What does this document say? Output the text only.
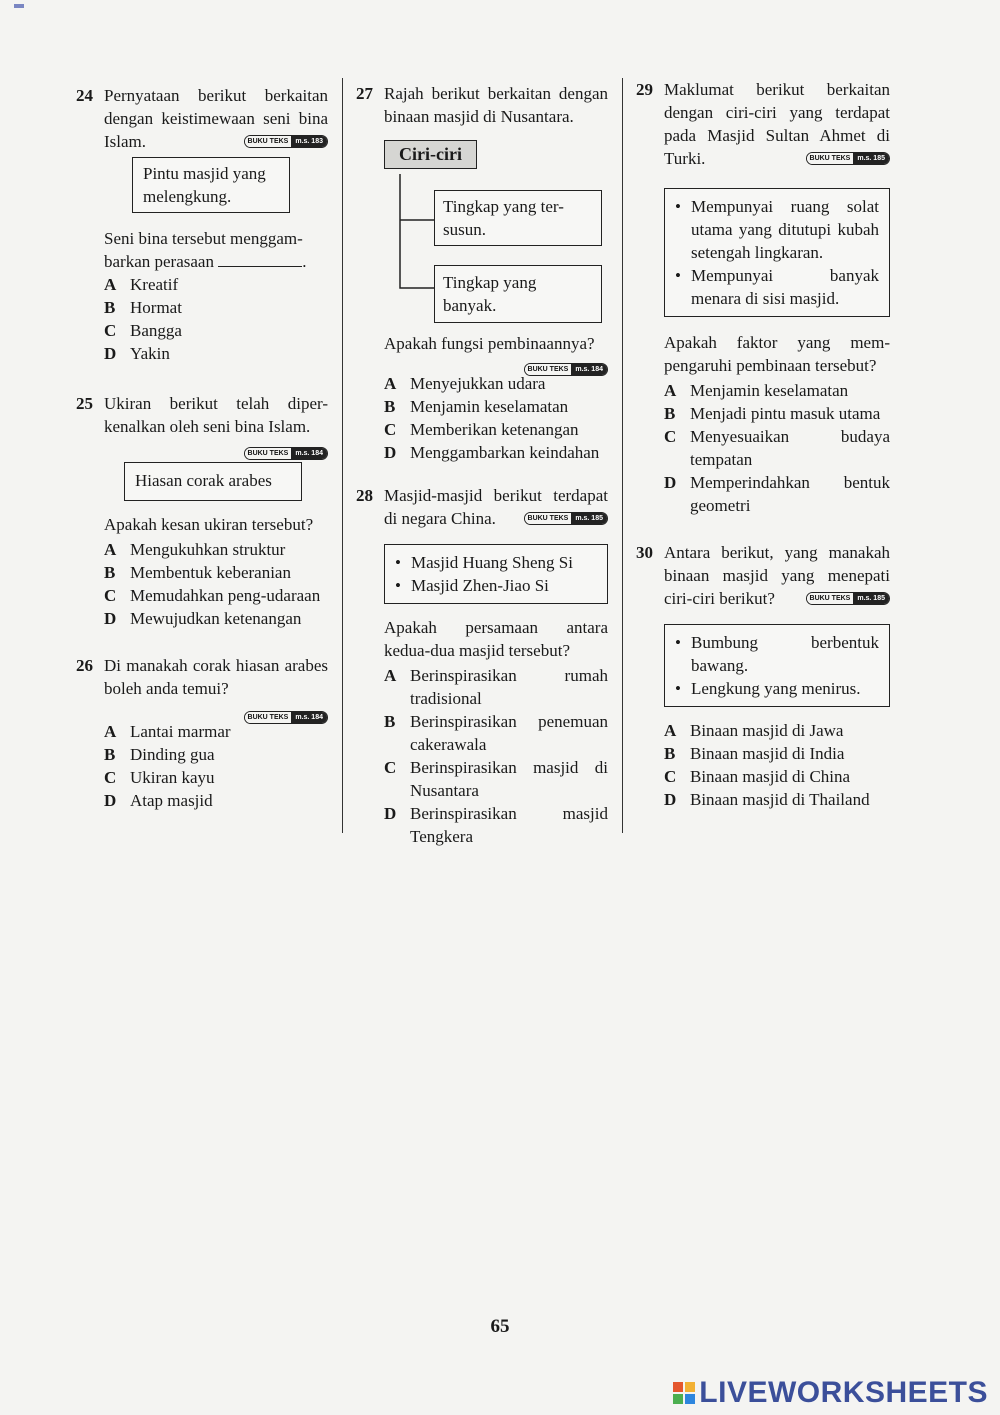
24 Pernyataan berikut berkaitan dengan keistimewaan seni bina Islam.	BUKU TEKS	m.s. 183
Pintu masjid yang melengkung.
Seni bina tersebut menggam-barkan perasaan	.
A Kreatif
B Hormat
C Bangga
D Yakin
25 Ukiran berikut telah diper-kenalkan oleh seni bina Islam.
BUKU TEKS	m.s. 184
Hiasan corak arabes
Apakah kesan ukiran tersebut?
A Mengukuhkan struktur
B Membentuk keberanian
C Memudahkan peng-udaraan
D Mewujudkan ketenangan
26 Di manakah corak hiasan arabes boleh anda temui?
BUKU TEKS	m.s. 184
A Lantai marmar
B Dinding gua
C Ukiran kayu
D Atap masjid
27 Rajah berikut berkaitan dengan binaan masjid di Nusantara.
Ciri-ciri
Tingkap yang ter-susun.
Tingkap yang banyak.
Apakah fungsi pembinaannya?
BUKU TEKS	m.s. 184
A Menyejukkan udara
B Menjamin keselamatan
C Memberikan ketenangan
D Menggambarkan keindahan
28 Masjid-masjid berikut terdapat di negara China.	BUKU TEKS	m.s. 185
• Masjid Huang Sheng Si
• Masjid Zhen-Jiao Si
Apakah persamaan antara kedua-dua masjid tersebut?
A Berinspirasikan rumah tradisional
B Berinspirasikan penemuan cakerawala
C Berinspirasikan masjid di Nusantara
D Berinspirasikan masjid Tengkera
29 Maklumat berikut berkaitan dengan ciri-ciri yang terdapat pada Masjid Sultan Ahmet di Turki.	BUKU TEKS	m.s. 185
• Mempunyai ruang solat utama yang ditutupi kubah setengah lingkaran.
• Mempunyai banyak menara di sisi masjid.
Apakah faktor yang mem-pengaruhi pembinaan tersebut?
A Menjamin keselamatan
B Menjadi pintu masuk utama
C Menyesuaikan budaya tempatan
D Memperindahkan bentuk geometri
30 Antara berikut, yang manakah binaan masjid yang menepati ciri-ciri berikut?	BUKU TEKS	m.s. 185
• Bumbung berbentuk bawang.
• Lengkung yang menirus.
A Binaan masjid di Jawa
B Binaan masjid di India
C Binaan masjid di China
D Binaan masjid di Thailand
65
LIVEWORKSHEETS
